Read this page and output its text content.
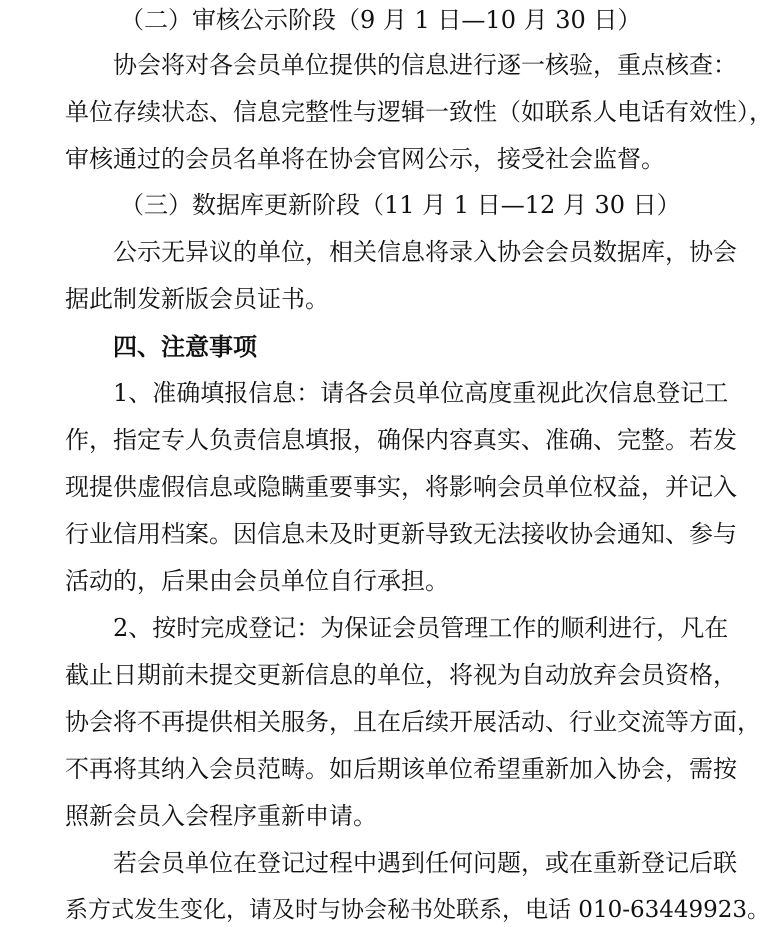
（二）审核公示阶段（9 月 1 日—10 月 30 日）

协会将对各会员单位提供的信息进行逐一核验，重点核查：

单位存续状态、信息完整性与逻辑一致性（如联系人电话有效性），

审核通过的会员名单将在协会官网公示，接受社会监督。

（三）数据库更新阶段（11 月 1 日—12 月 30 日）

公示无异议的单位，相关信息将录入协会会员数据库，协会

据此制发新版会员证书。

四、注意事项

1、准确填报信息：请各会员单位高度重视此次信息登记工

作，指定专人负责信息填报，确保内容真实、准确、完整。若发

现提供虚假信息或隐瞒重要事实，将影响会员单位权益，并记入

行业信用档案。因信息未及时更新导致无法接收协会通知、参与

活动的，后果由会员单位自行承担。

2、按时完成登记：为保证会员管理工作的顺利进行，凡在

截止日期前未提交更新信息的单位，将视为自动放弃会员资格，

协会将不再提供相关服务，且在后续开展活动、行业交流等方面，

不再将其纳入会员范畴。如后期该单位希望重新加入协会，需按

照新会员入会程序重新申请。

若会员单位在登记过程中遇到任何问题，或在重新登记后联

系方式发生变化，请及时与协会秘书处联系，电话 010-63449923。
